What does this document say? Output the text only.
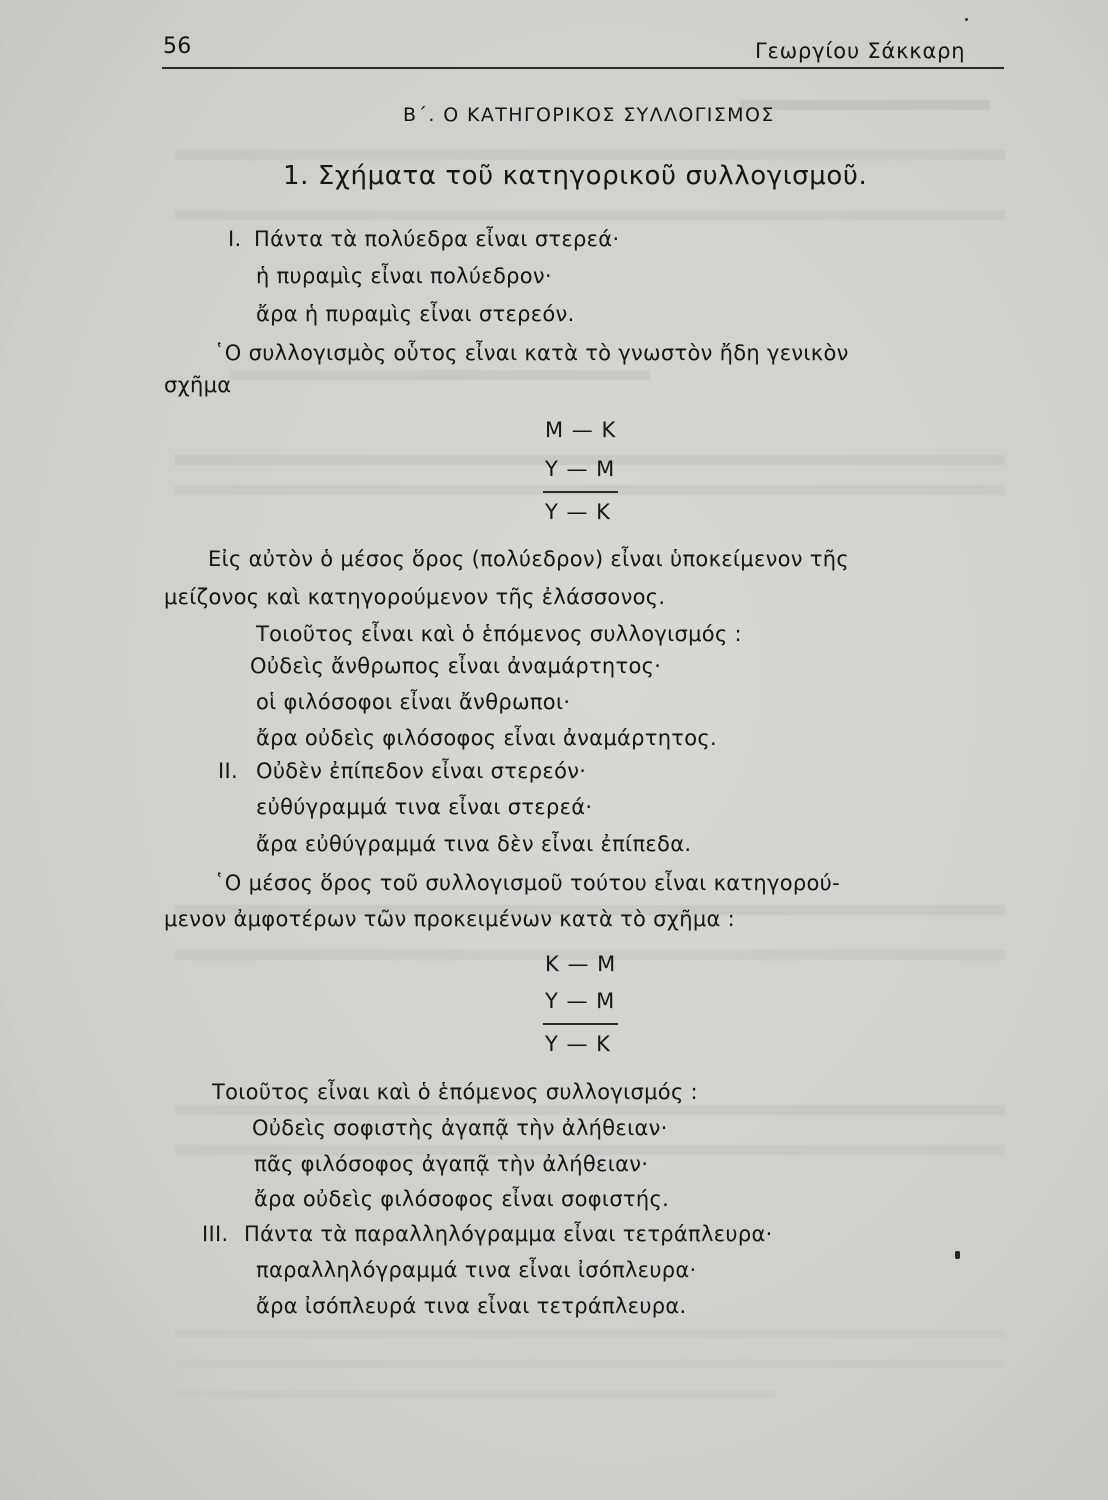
56	Γεωργίου Σάκκαρη
Β΄. Ο ΚΑΤΗΓΟΡΙΚΟΣ ΣΥΛΛΟΓΙΣΜΟΣ
1. Σχήματα τοῦ κατηγορικοῦ συλλογισμοῦ.
Ι. Πάντα τὰ πολύεδρα εἶναι στερεά·
ἡ πυραμὶς εἶναι πολύεδρον·
ἄρα ἡ πυραμὶς εἶναι στερεόν.
῾Ο συλλογισμὸς οὗτος εἶναι κατὰ τὸ γνωστὸν ἤδη γενικὸν
σχῆμα
Μ — Κ
Υ — Μ
Υ — Κ
Εἰς αὐτὸν ὁ μέσος ὅρος (πολύεδρον) εἶναι ὑποκείμενον τῆς
μείζονος καὶ κατηγορούμενον τῆς ἐλάσσονος.
Τοιοῦτος εἶναι καὶ ὁ ἑπόμενος συλλογισμός :
Οὐδεὶς ἄνθρωπος εἶναι ἀναμάρτητος·
οἱ φιλόσοφοι εἶναι ἄνθρωποι·
ἄρα οὐδεὶς φιλόσοφος εἶναι ἀναμάρτητος.
ΙΙ. Οὐδὲν ἐπίπεδον εἶναι στερεόν·
εὐθύγραμμά τινα εἶναι στερεά·
ἄρα εὐθύγραμμά τινα δὲν εἶναι ἐπίπεδα.
῾Ο μέσος ὅρος τοῦ συλλογισμοῦ τούτου εἶναι κατηγορού-
μενον ἀμφοτέρων τῶν προκειμένων κατὰ τὸ σχῆμα :
Κ — Μ
Υ — Μ
Υ — Κ
Τοιοῦτος εἶναι καὶ ὁ ἑπόμενος συλλογισμός :
Οὐδεὶς σοφιστὴς ἀγαπᾷ τὴν ἀλήθειαν·
πᾶς φιλόσοφος ἀγαπᾷ τὴν ἀλήθειαν·
ἄρα οὐδεὶς φιλόσοφος εἶναι σοφιστής.
ΙΙΙ. Πάντα τὰ παραλληλόγραμμα εἶναι τετράπλευρα·
παραλληλόγραμμά τινα εἶναι ἰσόπλευρα·
ἄρα ἰσόπλευρά τινα εἶναι τετράπλευρα.
